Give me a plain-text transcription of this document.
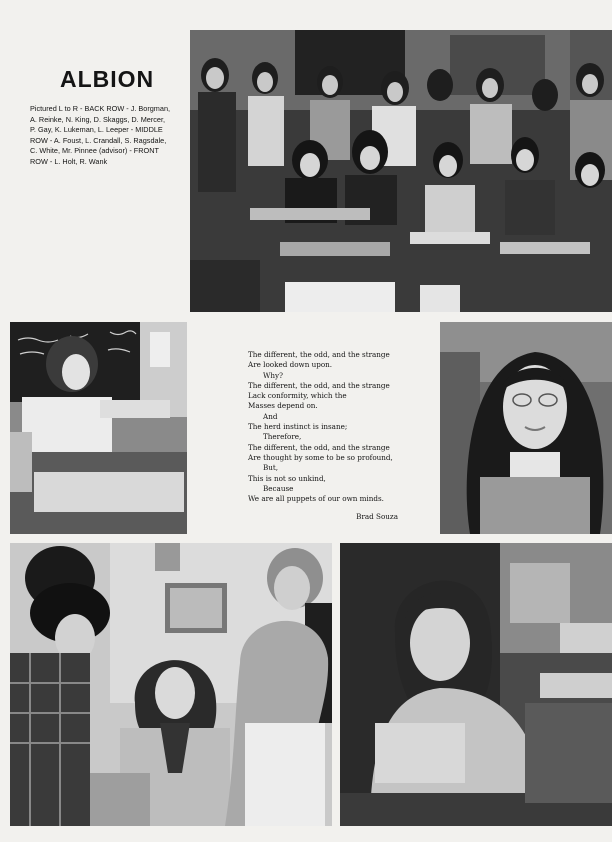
ALBION
Pictured L to R - BACK ROW - J. Borgman,
A. Reinke, N. King, D. Skaggs, D. Mercer,
P. Gay, K. Lukeman, L. Leeper - MIDDLE
ROW - A. Foust, L. Crandall, S. Ragsdale,
C. White, Mr. Pinnee (advisor) - FRONT
ROW - L. Holt, R. Wank
The different, the odd, and the strange
Are looked down upon.
Why?
The different, the odd, and the strange
Lack conformity, which the
Masses depend on.
And
The herd instinct is insane;
Therefore,
The different, the odd, and the strange
Are thought by some to be so profound,
But,
This is not so unkind,
Because
We are all puppets of our own minds.
Brad Souza
